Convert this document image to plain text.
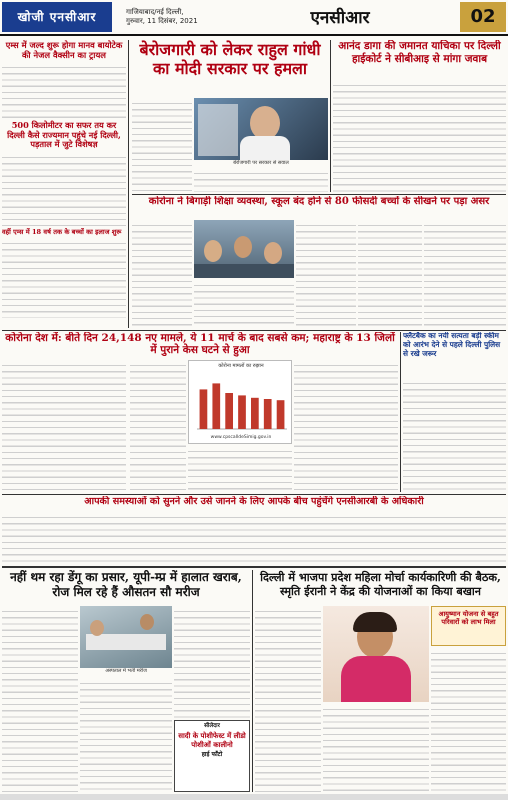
खोजी एनसीआर	गाजियाबाद/नई दिल्ली,
गुरुवार, 11 दिसंबर, 2021	एनसीआर	02
एम्स में जल्द शुरू होगा मानव बायोटेक की नेजल वैक्सीन का ट्रायल
500 किलोमीटर का सफर तय कर दिल्ली कैसे राज्यमान पहुंचे नई दिल्ली, पड़ताल में जुटे विशेषज्ञ
वहीं एम्स में 18 वर्ष तक के बच्चों का इलाज शुरू
बेरोजगारी को लेकर राहुल गांधी का मोदी सरकार पर हमला
बेरोजगारी पर सरकार से सवाल
आनंद डागा की जमानत याचिका पर दिल्ली हाईकोर्ट ने सीबीआइ से मांगा जवाब
कोरोना ने बिगाड़ी शिक्षा व्यवस्था, स्कूल बंद होने से 80 फीसदी बच्चों के सीखने पर पड़ा असर
कोरोना देश में: बीते दिन 24,148 नए मामले, ये 11 मार्च के बाद सबसे कम; महाराष्ट्र के 13 जिलों में पुराने केस घटने से हुआ
कोरोना मामलों का रुझान
www.cpscaIldeSimig.gov.in
फ्लैटबैक का नयी सत्यता बड़ी स्कीम को आरंभ देने से पहले दिल्ली पुलिस से रखे जरूर
आपकी समस्याओं को सुनने और उसे जानने के लिए आपके बीच पहुंचेंगे एनसीआरबी के अधिकारी
नहीं थम रहा डेंगू का प्रसार, यूपी-म्प्र में हालात खराब, रोज मिल रहे हैं औसतन सौ मरीज
अस्पताल में भर्ती मरीज
दिल्ली में भाजपा प्रदेश महिला मोर्चा कार्यकारिणी की बैठक, स्मृति ईरानी ने केंद्र की योजनाओं का किया बखान
आयुष्मान योजना से बहुत परिवारों को लाभ मिला
सीलेदार
सादी के पोशीफेस्ट में लीडो पोशीओं कालीनो
हाई फाँटो
